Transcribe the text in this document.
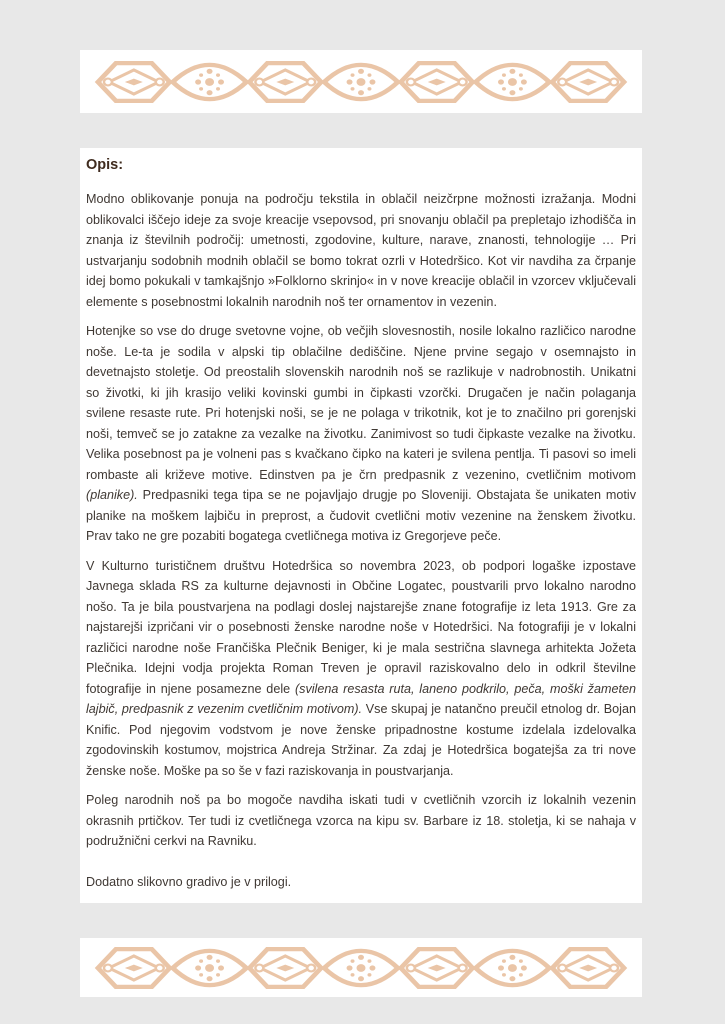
Opis:

Modno oblikovanje ponuja na področju tekstila in oblačil neizčrpne možnosti izražanja. Modni oblikovalci iščejo ideje za svoje kreacije vsepovsod, pri snovanju oblačil pa prepletajo izhodišča in znanja iz številnih področij: umetnosti, zgodovine, kulture, narave, znanosti, tehnologije … Pri ustvarjanju sodobnih modnih oblačil se bomo tokrat ozrli v Hotedršico. Kot vir navdiha za črpanje idej bomo pokukali v tamkajšnjo »Folklorno skrinjo« in v nove kreacije oblačil in vzorcev vključevali elemente s posebnostmi lokalnih narodnih noš ter ornamentov in vezenin.

Hotenjke so vse do druge svetovne vojne, ob večjih slovesnostih, nosile lokalno različico narodne noše. Le-ta je sodila v alpski tip oblačilne dediščine. Njene prvine segajo v osemnajsto in devetnajsto stoletje. Od preostalih slovenskih narodnih noš se razlikuje v nadrobnostih. Unikatni so životki, ki jih krasijo veliki kovinski gumbi in čipkasti vzorčki. Drugačen je način polaganja svilene resaste rute. Pri hotenjski noši, se je ne polaga v trikotnik, kot je to značilno pri gorenjski noši, temveč se jo zatakne za vezalke na životku. Zanimivost so tudi čipkaste vezalke na životku. Velika posebnost pa je volneni pas s kvačkano čipko na kateri je svilena pentlja. Ti pasovi so imeli rombaste ali križeve motive. Edinstven pa je črn predpasnik z vezenino, cvetličnim motivom (planike). Predpasniki tega tipa se ne pojavljajo drugje po Sloveniji. Obstajata še unikaten motiv planike na moškem lajbiču in preprost, a čudovit cvetlični motiv vezenine na ženskem životku. Prav tako ne gre pozabiti bogatega cvetličnega motiva iz Gregorjeve peče.

V Kulturno turističnem društvu Hotedršica so novembra 2023, ob podpori logaške izpostave Javnega sklada RS za kulturne dejavnosti in Občine Logatec, poustvarili prvo lokalno narodno nošo. Ta je bila poustvarjena na podlagi doslej najstarejše znane fotografije iz leta 1913. Gre za najstarejši izpričani vir o posebnosti ženske narodne noše v Hotedršici. Na fotografiji je v lokalni različici narodne noše Frančiška Plečnik Beniger, ki je mala sestrična slavnega arhitekta Jožeta Plečnika. Idejni vodja projekta Roman Treven je opravil raziskovalno delo in odkril številne fotografije in njene posamezne dele (svilena resasta ruta, laneno podkrilo, peča, moški žameten lajbič, predpasnik z vezenim cvetličnim motivom). Vse skupaj je natančno preučil etnolog dr. Bojan Knific. Pod njegovim vodstvom je nove ženske pripadnostne kostume izdelala izdelovalka zgodovinskih kostumov, mojstrica Andreja Stržinar. Za zdaj je Hotedršica bogatejša za tri nove ženske noše. Moške pa so še v fazi raziskovanja in poustvarjanja.

Poleg narodnih noš pa bo mogoče navdiha iskati tudi v cvetličnih vzorcih iz lokalnih vezenin okrasnih prtičkov. Ter tudi iz cvetličnega vzorca na kipu sv. Barbare iz 18. stoletja, ki se nahaja v podružnični cerkvi na Ravniku.

Dodatno slikovno gradivo je v prilogi.
